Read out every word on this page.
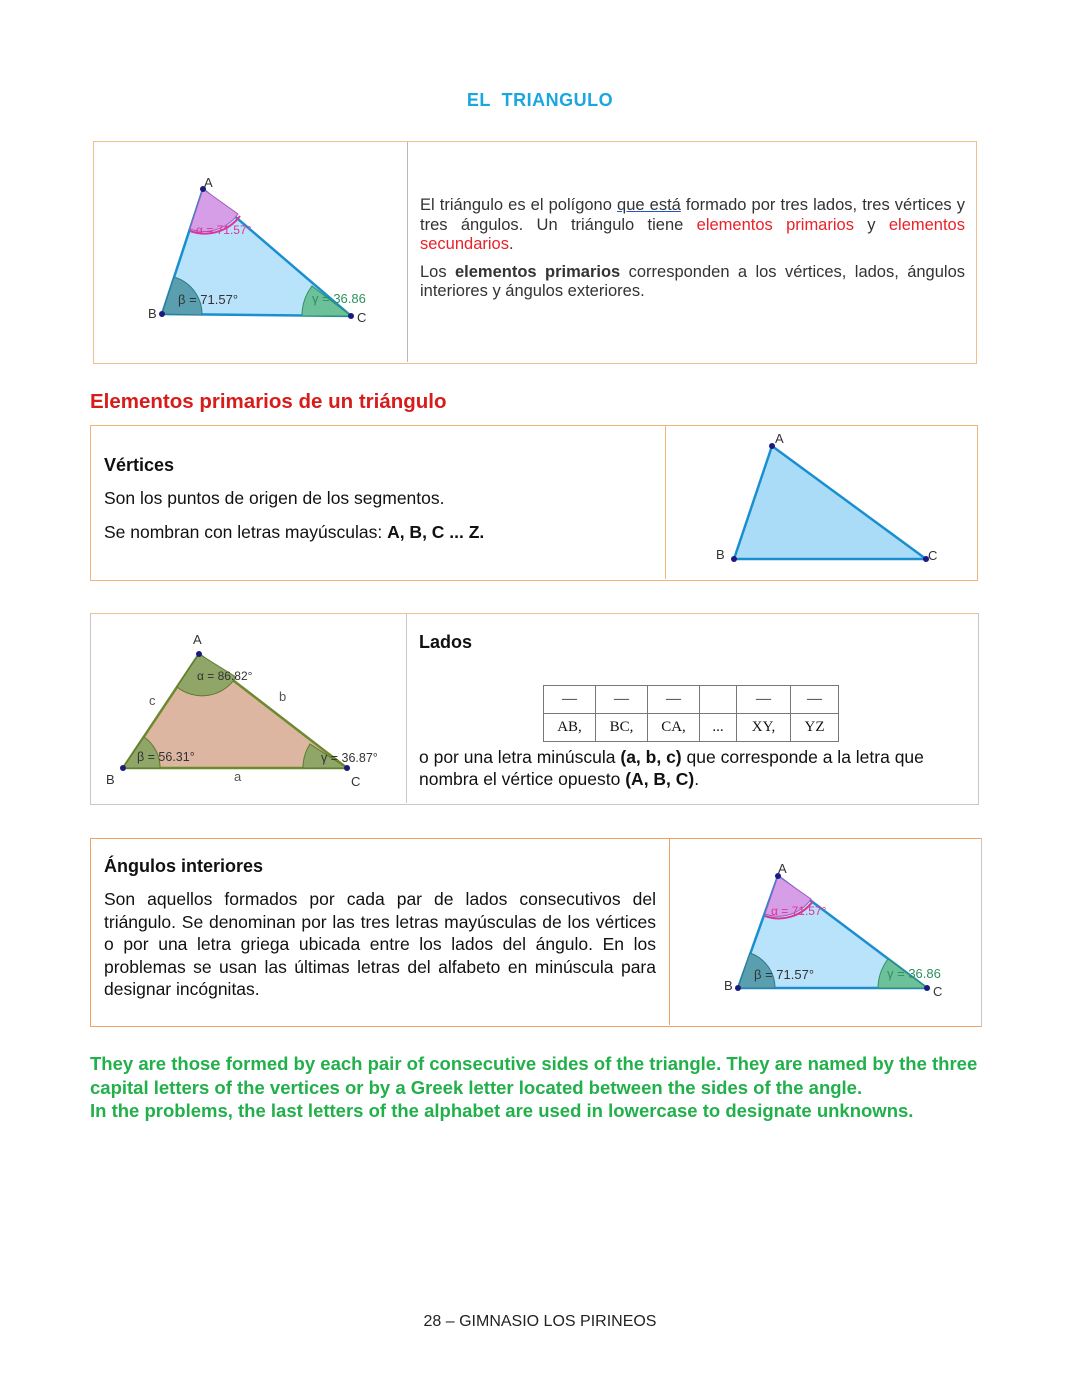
EL  TRIANGULO
A
B	C
α = 71.57°
β = 71.57°	γ = 36.86

El triángulo es el polígono que está formado por tres lados, tres vértices y tres ángulos. Un triángulo tiene elementos primarios y elementos secundarios.

Los elementos primarios corresponden a los vértices, lados, ángulos interiores y ángulos exteriores.

Elementos primarios de un triángulo
Vértices
Son los puntos de origen de los segmentos.
Se nombran con letras mayúsculas: A, B, C ... Z.
A
B	C
A
B	C
a
b
c
α = 86.82°
β = 56.31°	γ = 36.87°
Lados
—	—	—		—	—
AB,	BC,	CA,	...	XY,	YZ
o por una letra minúscula (a, b, c) que corresponde a la letra que nombra el vértice opuesto (A, B, C).
Ángulos interiores
Son aquellos formados por cada par de lados consecutivos del triángulo. Se denominan por las tres letras mayúsculas de los vértices o por una letra griega ubicada entre los lados del ángulo. En los problemas se usan las últimas letras del alfabeto en minúscula para designar incógnitas.
A
B	C
α = 71.57°
β = 71.57°	γ = 36.86
They are those formed by each pair of consecutive sides of the triangle. They are named by the three capital letters of the vertices or by a Greek letter located between the sides of the angle.
In the problems, the last letters of the alphabet are used in lowercase to designate unknowns.
28 – GIMNASIO LOS PIRINEOS
